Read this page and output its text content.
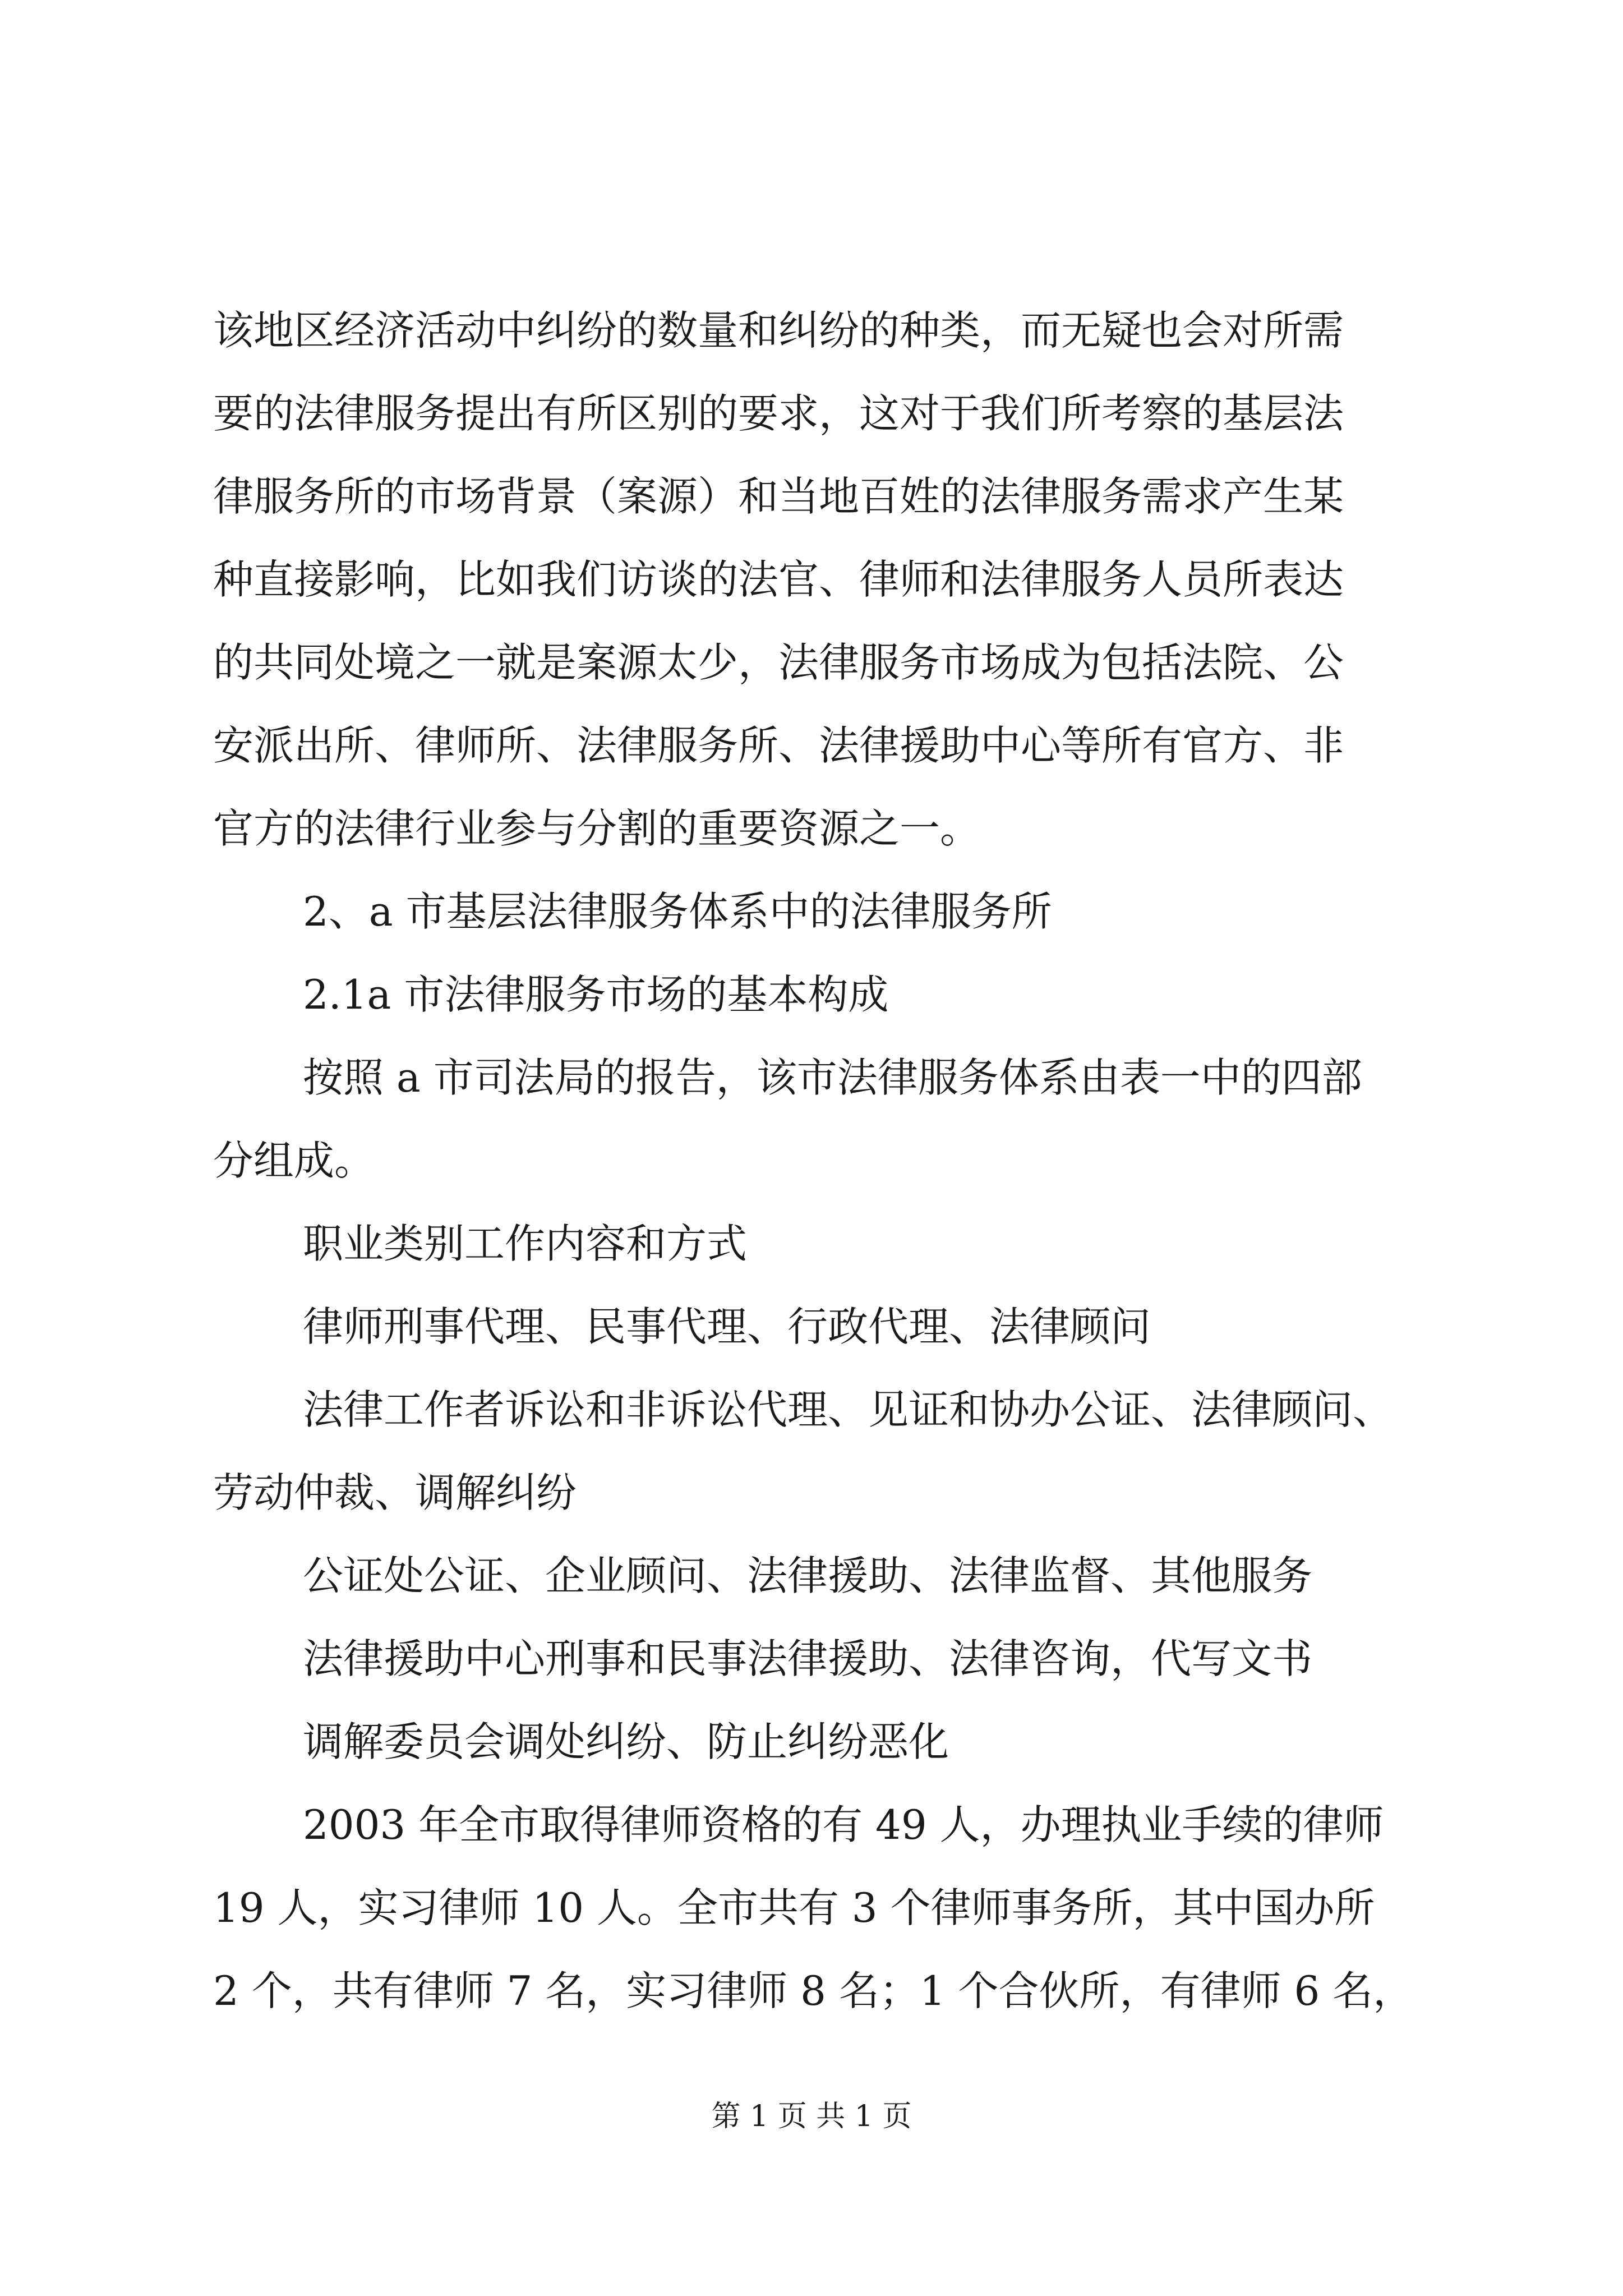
该地区经济活动中纠纷的数量和纠纷的种类，而无疑也会对所需
要的法律服务提出有所区别的要求，这对于我们所考察的基层法
律服务所的市场背景（案源）和当地百姓的法律服务需求产生某
种直接影响，比如我们访谈的法官、律师和法律服务人员所表达
的共同处境之一就是案源太少，法律服务市场成为包括法院、公
安派出所、律师所、法律服务所、法律援助中心等所有官方、非
官方的法律行业参与分割的重要资源之一。
2、a 市基层法律服务体系中的法律服务所
2.1a 市法律服务市场的基本构成
按照 a 市司法局的报告，该市法律服务体系由表一中的四部
分组成。
职业类别工作内容和方式
律师刑事代理、民事代理、行政代理、法律顾问
法律工作者诉讼和非诉讼代理、见证和协办公证、法律顾问、
劳动仲裁、调解纠纷
公证处公证、企业顾问、法律援助、法律监督、其他服务
法律援助中心刑事和民事法律援助、法律咨询，代写文书
调解委员会调处纠纷、防止纠纷恶化
2003 年全市取得律师资格的有 49 人，办理执业手续的律师
19 人，实习律师 10 人。全市共有 3 个律师事务所，其中国办所
2 个，共有律师 7 名，实习律师 8 名；1 个合伙所，有律师 6 名，
第 1 页 共 1 页
